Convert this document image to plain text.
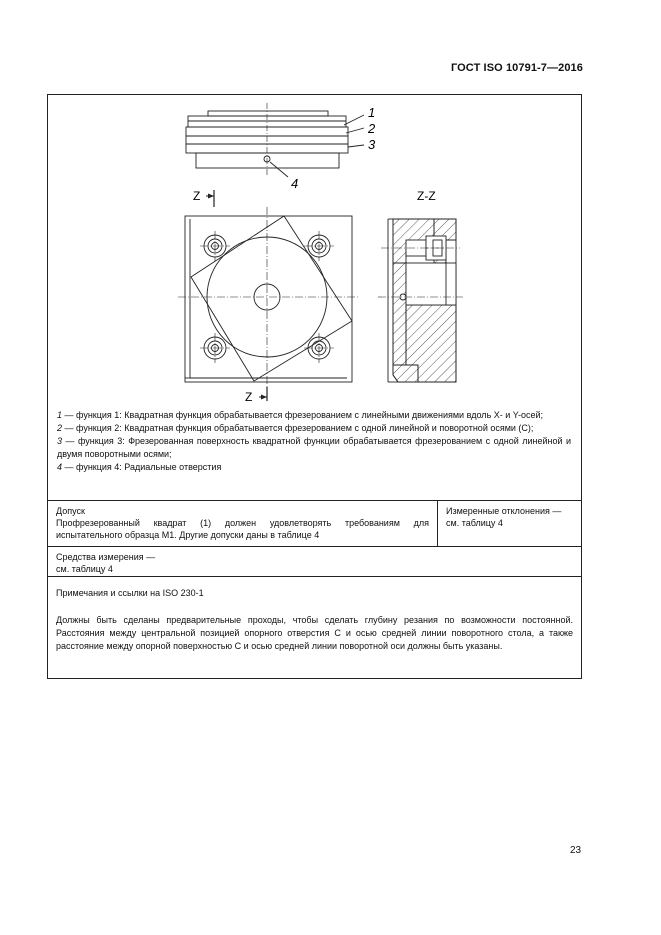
ГОСТ ISO 10791-7—2016
1
2
3
4
Z
Z
Z-Z

1 — функция 1: Квадратная функция обрабатывается фрезерованием с линейными движениями вдоль X- и Y-осей;

2 — функция 2: Квадратная функция обрабатывается фрезерованием с одной линейной и поворотной осями (С);

3 — функция 3: Фрезерованная поверхность квадратной функции обрабатывается фрезерованием с одной линейной и двумя поворотными осями;

4 — функция 4: Радиальные отверстия

Допуск
Профрезерованный квадрат (1) должен удовлетворять требованиям для испытательного образца М1. Другие допуски даны в таблице 4
Измеренные отклонения —
см. таблицу 4
Средства измерения —
см. таблицу 4

Примечания и ссылки на ISO 230-1

Должны быть сделаны предварительные проходы, чтобы сделать глубину резания по возможности постоянной. Расстояния между центральной позицией опорного отверстия С и осью средней линии поворотного стола, а также расстояние между опорной поверхностью С и осью средней линии поворотной оси должны быть указаны.

23
